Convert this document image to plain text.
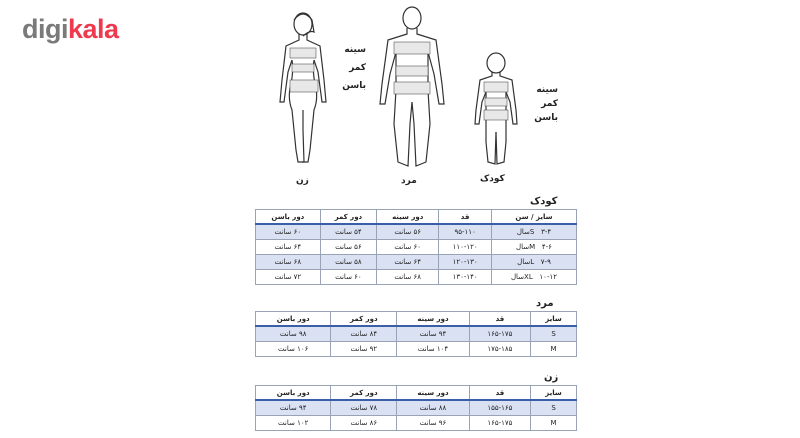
digikala
سینه
کمر
باسن
زن	مرد
سینه
کمر
باسن
کودک
کودک
سایز / سن	قد	دور سینه	دور کمر	دور باسن
S   ۳-۴سال	۹۵-۱۱۰	۵۶ سانت	۵۴ سانت	۶۰ سانت
M   ۴-۶سال	۱۱۰-۱۲۰	۶۰ سانت	۵۶ سانت	۶۴ سانت
L   ۷-۹سال	۱۲۰-۱۳۰	۶۴ سانت	۵۸ سانت	۶۸ سانت
XL   ۱۰-۱۲سال	۱۳۰-۱۴۰	۶۸ سانت	۶۰ سانت	۷۲ سانت
مرد
سایز	قد	دور سینه	دور کمر	دور باسن
S	۱۶۵-۱۷۵	۹۴ سانت	۸۴ سانت	۹۸ سانت
M	۱۷۵-۱۸۵	۱۰۴ سانت	۹۲ سانت	۱۰۶ سانت
زن
سایز	قد	دور سینه	دور کمر	دور باسن
S	۱۵۵-۱۶۵	۸۸ سانت	۷۸ سانت	۹۴ سانت
M	۱۶۵-۱۷۵	۹۶ سانت	۸۶ سانت	۱۰۲ سانت
